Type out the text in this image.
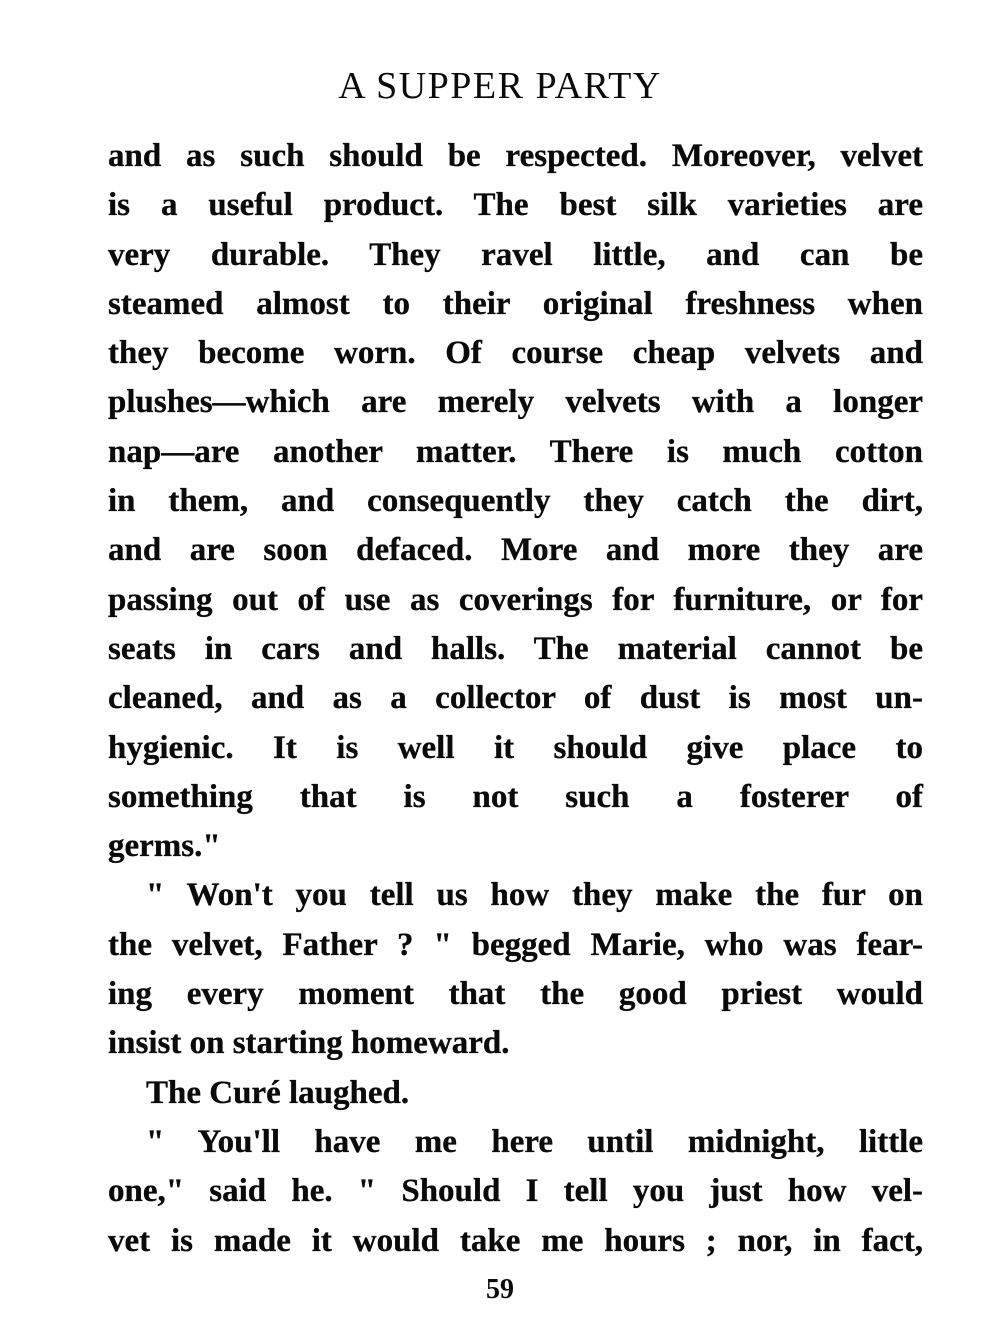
A SUPPER PARTY
and as such should be respected. Moreover, velvet
is a useful product. The best silk varieties are
very durable. They ravel little, and can be
steamed almost to their original freshness when
they become worn. Of course cheap velvets and
plushes—which are merely velvets with a longer
nap—are another matter. There is much cotton
in them, and consequently they catch the dirt,
and are soon defaced. More and more they are
passing out of use as coverings for furniture, or for
seats in cars and halls. The material cannot be
cleaned, and as a collector of dust is most un-
hygienic. It is well it should give place to
something that is not such a fosterer of
germs."
" Won't you tell us how they make the fur on
the velvet, Father ? " begged Marie, who was fear-
ing every moment that the good priest would
insist on starting homeward.
The Curé laughed.
" You'll have me here until midnight, little
one," said he. " Should I tell you just how vel-
vet is made it would take me hours ; nor, in fact,
59
